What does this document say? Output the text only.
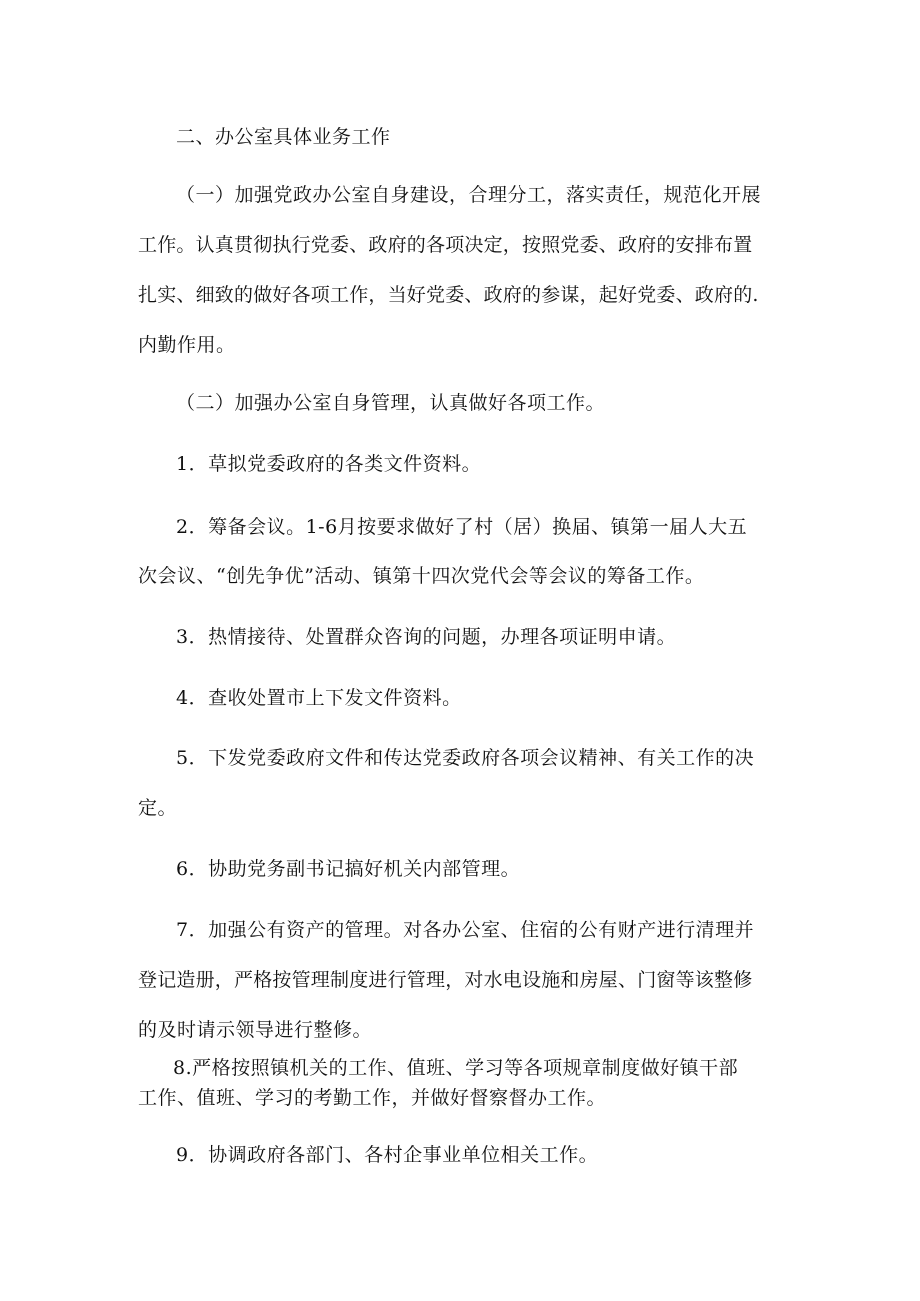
二、办公室具体业务工作

（一）加强党政办公室自身建设，合理分工，落实责任，规范化开展

工作。认真贯彻执行党委、政府的各项决定，按照党委、政府的安排布置

扎实、细致的做好各项工作，当好党委、政府的参谋，起好党委、政府的.

内勤作用。

（二）加强办公室自身管理，认真做好各项工作。

1．草拟党委政府的各类文件资料。

2．筹备会议。1-6月按要求做好了村（居）换届、镇第一届人大五

次会议、“创先争优”活动、镇第十四次党代会等会议的筹备工作。

3．热情接待、处置群众咨询的问题，办理各项证明申请。

4．查收处置市上下发文件资料。

5．下发党委政府文件和传达党委政府各项会议精神、有关工作的决

定。

6．协助党务副书记搞好机关内部管理。

7．加强公有资产的管理。对各办公室、住宿的公有财产进行清理并

登记造册，严格按管理制度进行管理，对水电设施和房屋、门窗等该整修

的及时请示领导进行整修。

8.严格按照镇机关的工作、值班、学习等各项规章制度做好镇干部

工作、值班、学习的考勤工作，并做好督察督办工作。

9．协调政府各部门、各村企事业单位相关工作。
